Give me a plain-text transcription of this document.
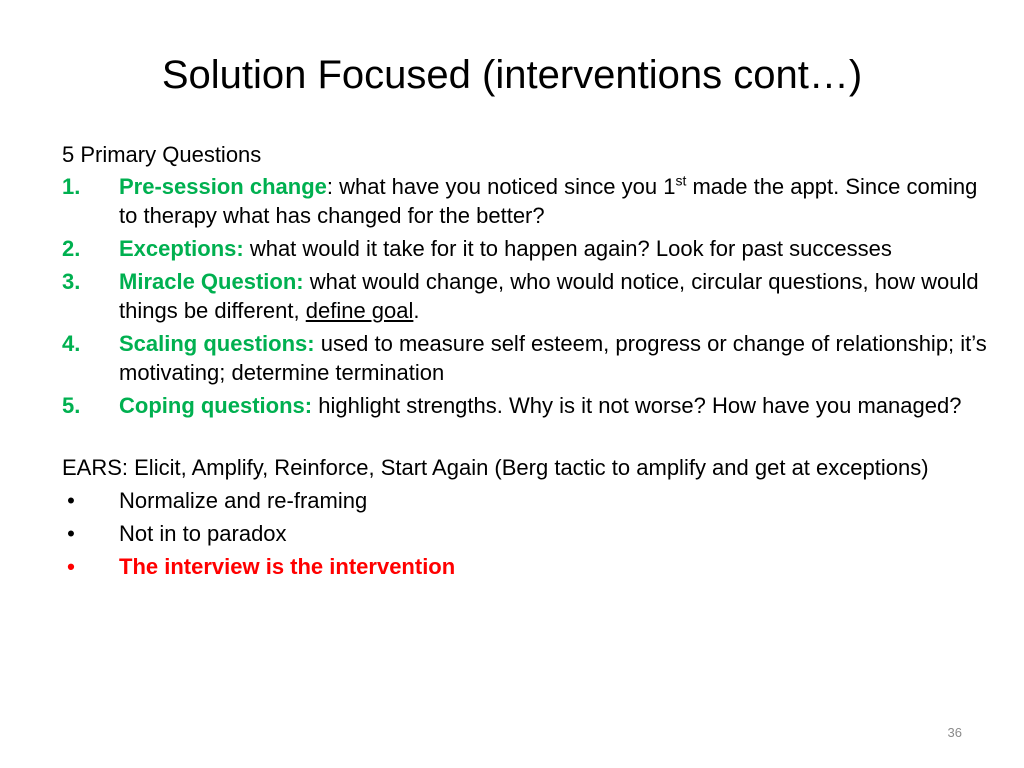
Solution Focused (interventions cont…)
5 Primary Questions
1. Pre-session change: what have you noticed since you 1st made the appt. Since coming to therapy what has changed for the better?
2. Exceptions: what would it take for it to happen again? Look for past successes
3. Miracle Question: what would change, who would notice, circular questions, how would things be different, define goal.
4. Scaling questions: used to measure self esteem, progress or change of relationship; it’s motivating; determine termination
5. Coping questions: highlight strengths. Why is it not worse? How have you managed?
EARS: Elicit, Amplify, Reinforce, Start Again (Berg tactic to amplify and get at exceptions)
• Normalize and re-framing
• Not in to paradox
• The interview is the intervention
36
